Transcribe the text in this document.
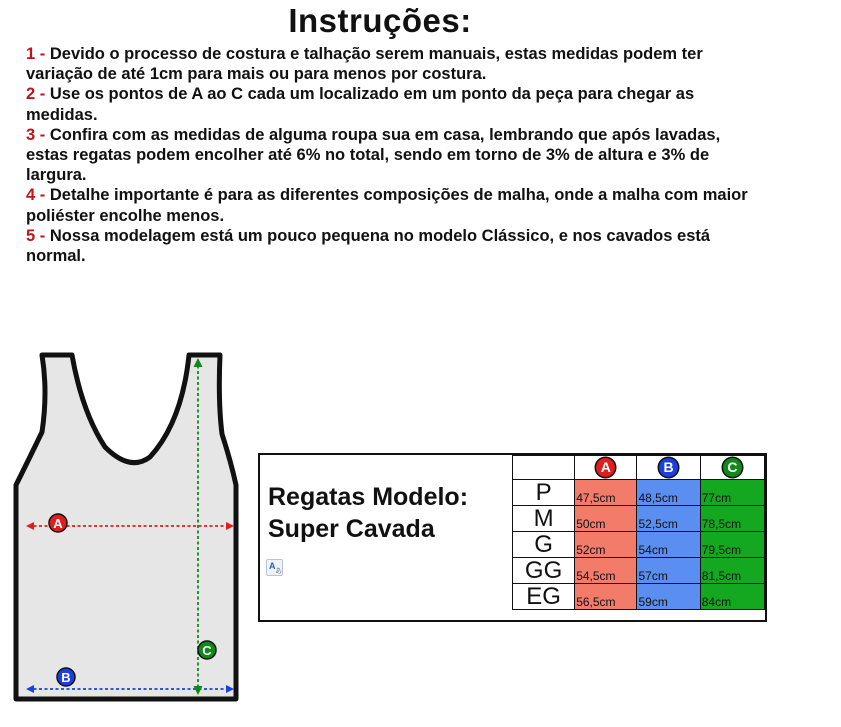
Instruções:

1 - Devido o processo de costura e talhação serem manuais, estas medidas podem ter variação de até 1cm para mais ou para menos por costura.

2 - Use os pontos de A ao C cada um localizado em um ponto da peça para chegar as medidas.

3 - Confira com as medidas de alguma roupa sua em casa, lembrando que após lavadas, estas regatas podem encolher até 6% no total, sendo em torno de 3% de altura e 3% de largura.

4 - Detalhe importante é para as diferentes composições de malha, onde a malha com maior poliéster encolhe menos.

5 - Nossa modelagem está um pouco pequena no modelo Clássico, e nos cavados está normal.

A
B
C
Regatas Modelo:
Super Cavada
A
あ
	A	B	C
P	47,5cm	48,5cm	77cm
M	50cm	52,5cm	78,5cm
G	52cm	54cm	79,5cm
GG	54,5cm	57cm	81,5cm
EG	56,5cm	59cm	84cm
